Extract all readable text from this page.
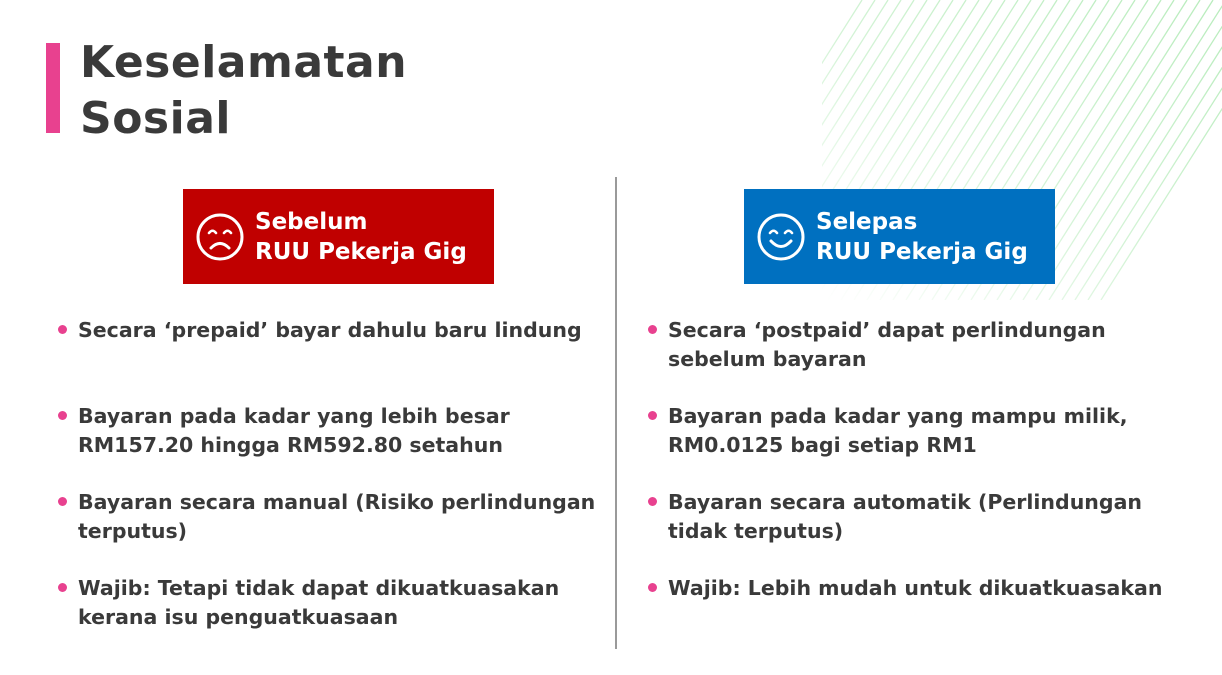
Keselamatan
Sosial
Sebelum
RUU Pekerja Gig
Selepas
RUU Pekerja Gig
Secara ‘prepaid’ bayar dahulu baru lindung
Bayaran pada kadar yang lebih besar RM157.20 hingga RM592.80 setahun
Bayaran secara manual (Risiko perlindungan terputus)
Wajib: Tetapi tidak dapat dikuatkuasakan kerana isu penguatkuasaan
Secara ‘postpaid’ dapat perlindungan sebelum bayaran
Bayaran pada kadar yang mampu milik, RM0.0125 bagi setiap RM1
Bayaran secara automatik (Perlindungan tidak terputus)
Wajib: Lebih mudah untuk dikuatkuasakan
